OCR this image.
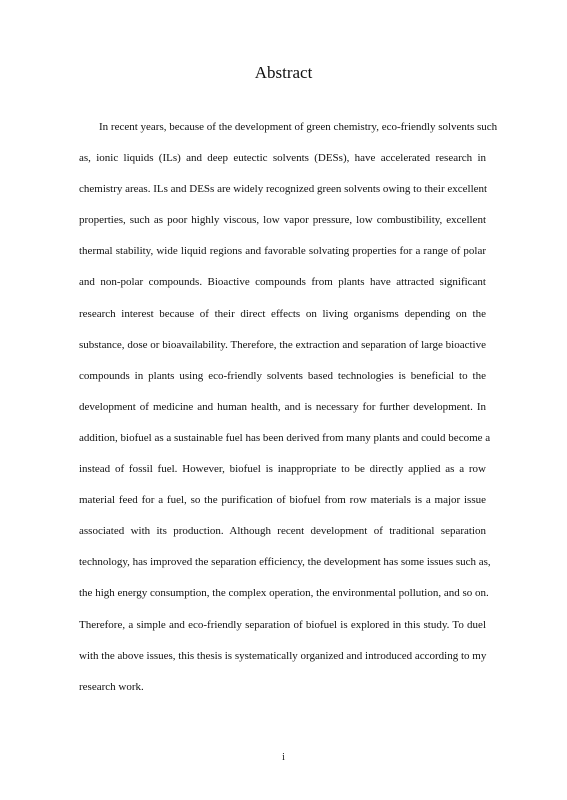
Abstract
In recent years, because of the development of green chemistry, eco-friendly solvents such
as, ionic liquids (ILs) and deep eutectic solvents (DESs), have accelerated research in
chemistry areas. ILs and DESs are widely recognized green solvents owing to their excellent
properties, such as poor highly viscous, low vapor pressure, low combustibility, excellent
thermal stability, wide liquid regions and favorable solvating properties for a range of polar
and non-polar compounds. Bioactive compounds from plants have attracted significant
research interest because of their direct effects on living organisms depending on the
substance, dose or bioavailability. Therefore, the extraction and separation of large bioactive
compounds in plants using eco-friendly solvents based technologies is beneficial to the
development of medicine and human health, and is necessary for further development. In
addition, biofuel as a sustainable fuel has been derived from many plants and could become a
instead of fossil fuel. However, biofuel is inappropriate to be directly applied as a row
material feed for a fuel, so the purification of biofuel from row materials is a major issue
associated with its production. Although recent development of traditional separation
technology, has improved the separation efficiency, the development has some issues such as,
the high energy consumption, the complex operation, the environmental pollution, and so on.
Therefore, a simple and eco-friendly separation of biofuel is explored in this study. To duel
with the above issues, this thesis is systematically organized and introduced according to my
research work.
i
